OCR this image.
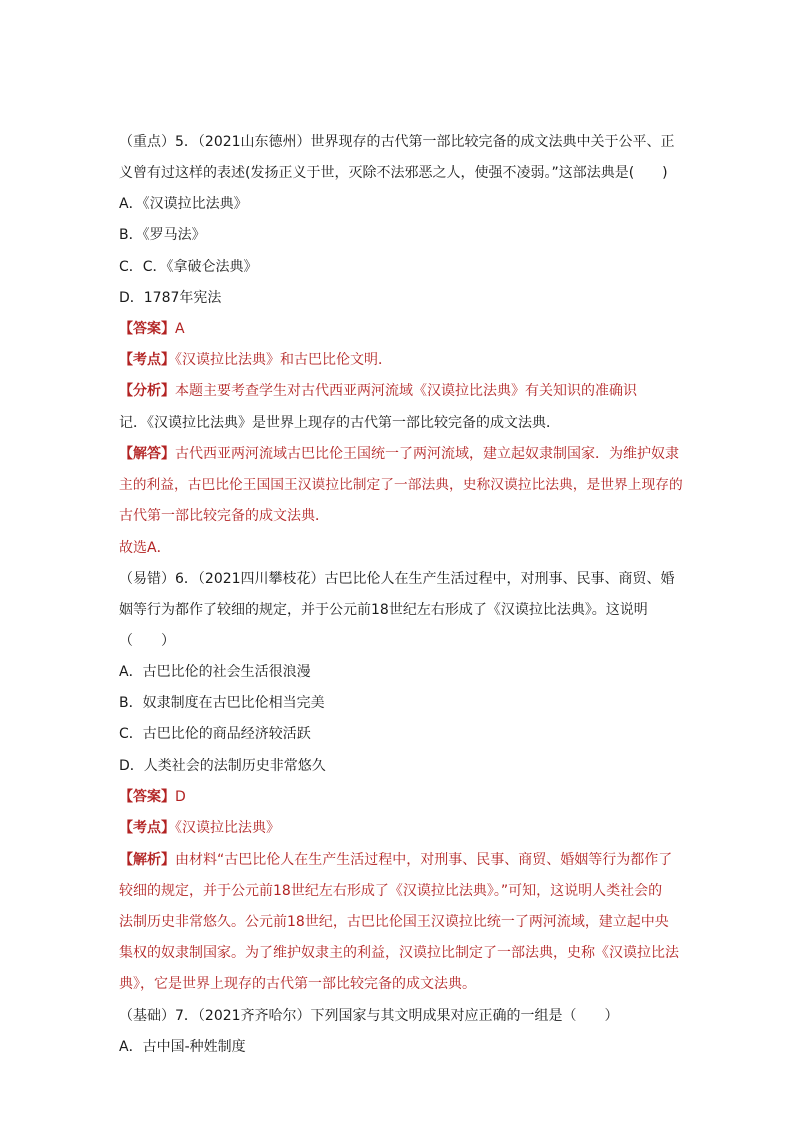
（重点）5．（2021山东德州）世界现存的古代第一部比较完备的成文法典中关于公平、正
义曾有过这样的表述(发扬正义于世，灭除不法邪恶之人，使强不凌弱。”这部法典是(　　)
A．《汉谟拉比法典》
B．《罗马法》
C．C．《拿破仑法典》
D．1787年宪法
【答案】A
【考点】《汉谟拉比法典》和古巴比伦文明．
【分析】本题主要考查学生对古代西亚两河流域《汉谟拉比法典》有关知识的准确识
记．《汉谟拉比法典》是世界上现存的古代第一部比较完备的成文法典．
【解答】古代西亚两河流域古巴比伦王国统一了两河流域，建立起奴隶制国家．为维护奴隶
主的利益，古巴比伦王国国王汉谟拉比制定了一部法典，史称汉谟拉比法典，是世界上现存的
古代第一部比较完备的成文法典．
故选A．
（易错）6．（2021四川攀枝花）古巴比伦人在生产生活过程中，对刑事、民事、商贸、婚
姻等行为都作了较细的规定，并于公元前18世纪左右形成了《汉谟拉比法典》。这说明
（　　）
A．古巴比伦的社会生活很浪漫
B．奴隶制度在古巴比伦相当完美
C．古巴比伦的商品经济较活跃
D．人类社会的法制历史非常悠久
【答案】D
【考点】《汉谟拉比法典》
【解析】由材料“古巴比伦人在生产生活过程中，对刑事、民事、商贸、婚姻等行为都作了
较细的规定，并于公元前18世纪左右形成了《汉谟拉比法典》。”可知，这说明人类社会的
法制历史非常悠久。公元前18世纪，古巴比伦国王汉谟拉比统一了两河流域，建立起中央
集权的奴隶制国家。为了维护奴隶主的利益，汉谟拉比制定了一部法典，史称《汉谟拉比法
典》，它是世界上现存的古代第一部比较完备的成文法典。
（基础）7．（2021齐齐哈尔）下列国家与其文明成果对应正确的一组是（　　）
A．古中国-种姓制度
